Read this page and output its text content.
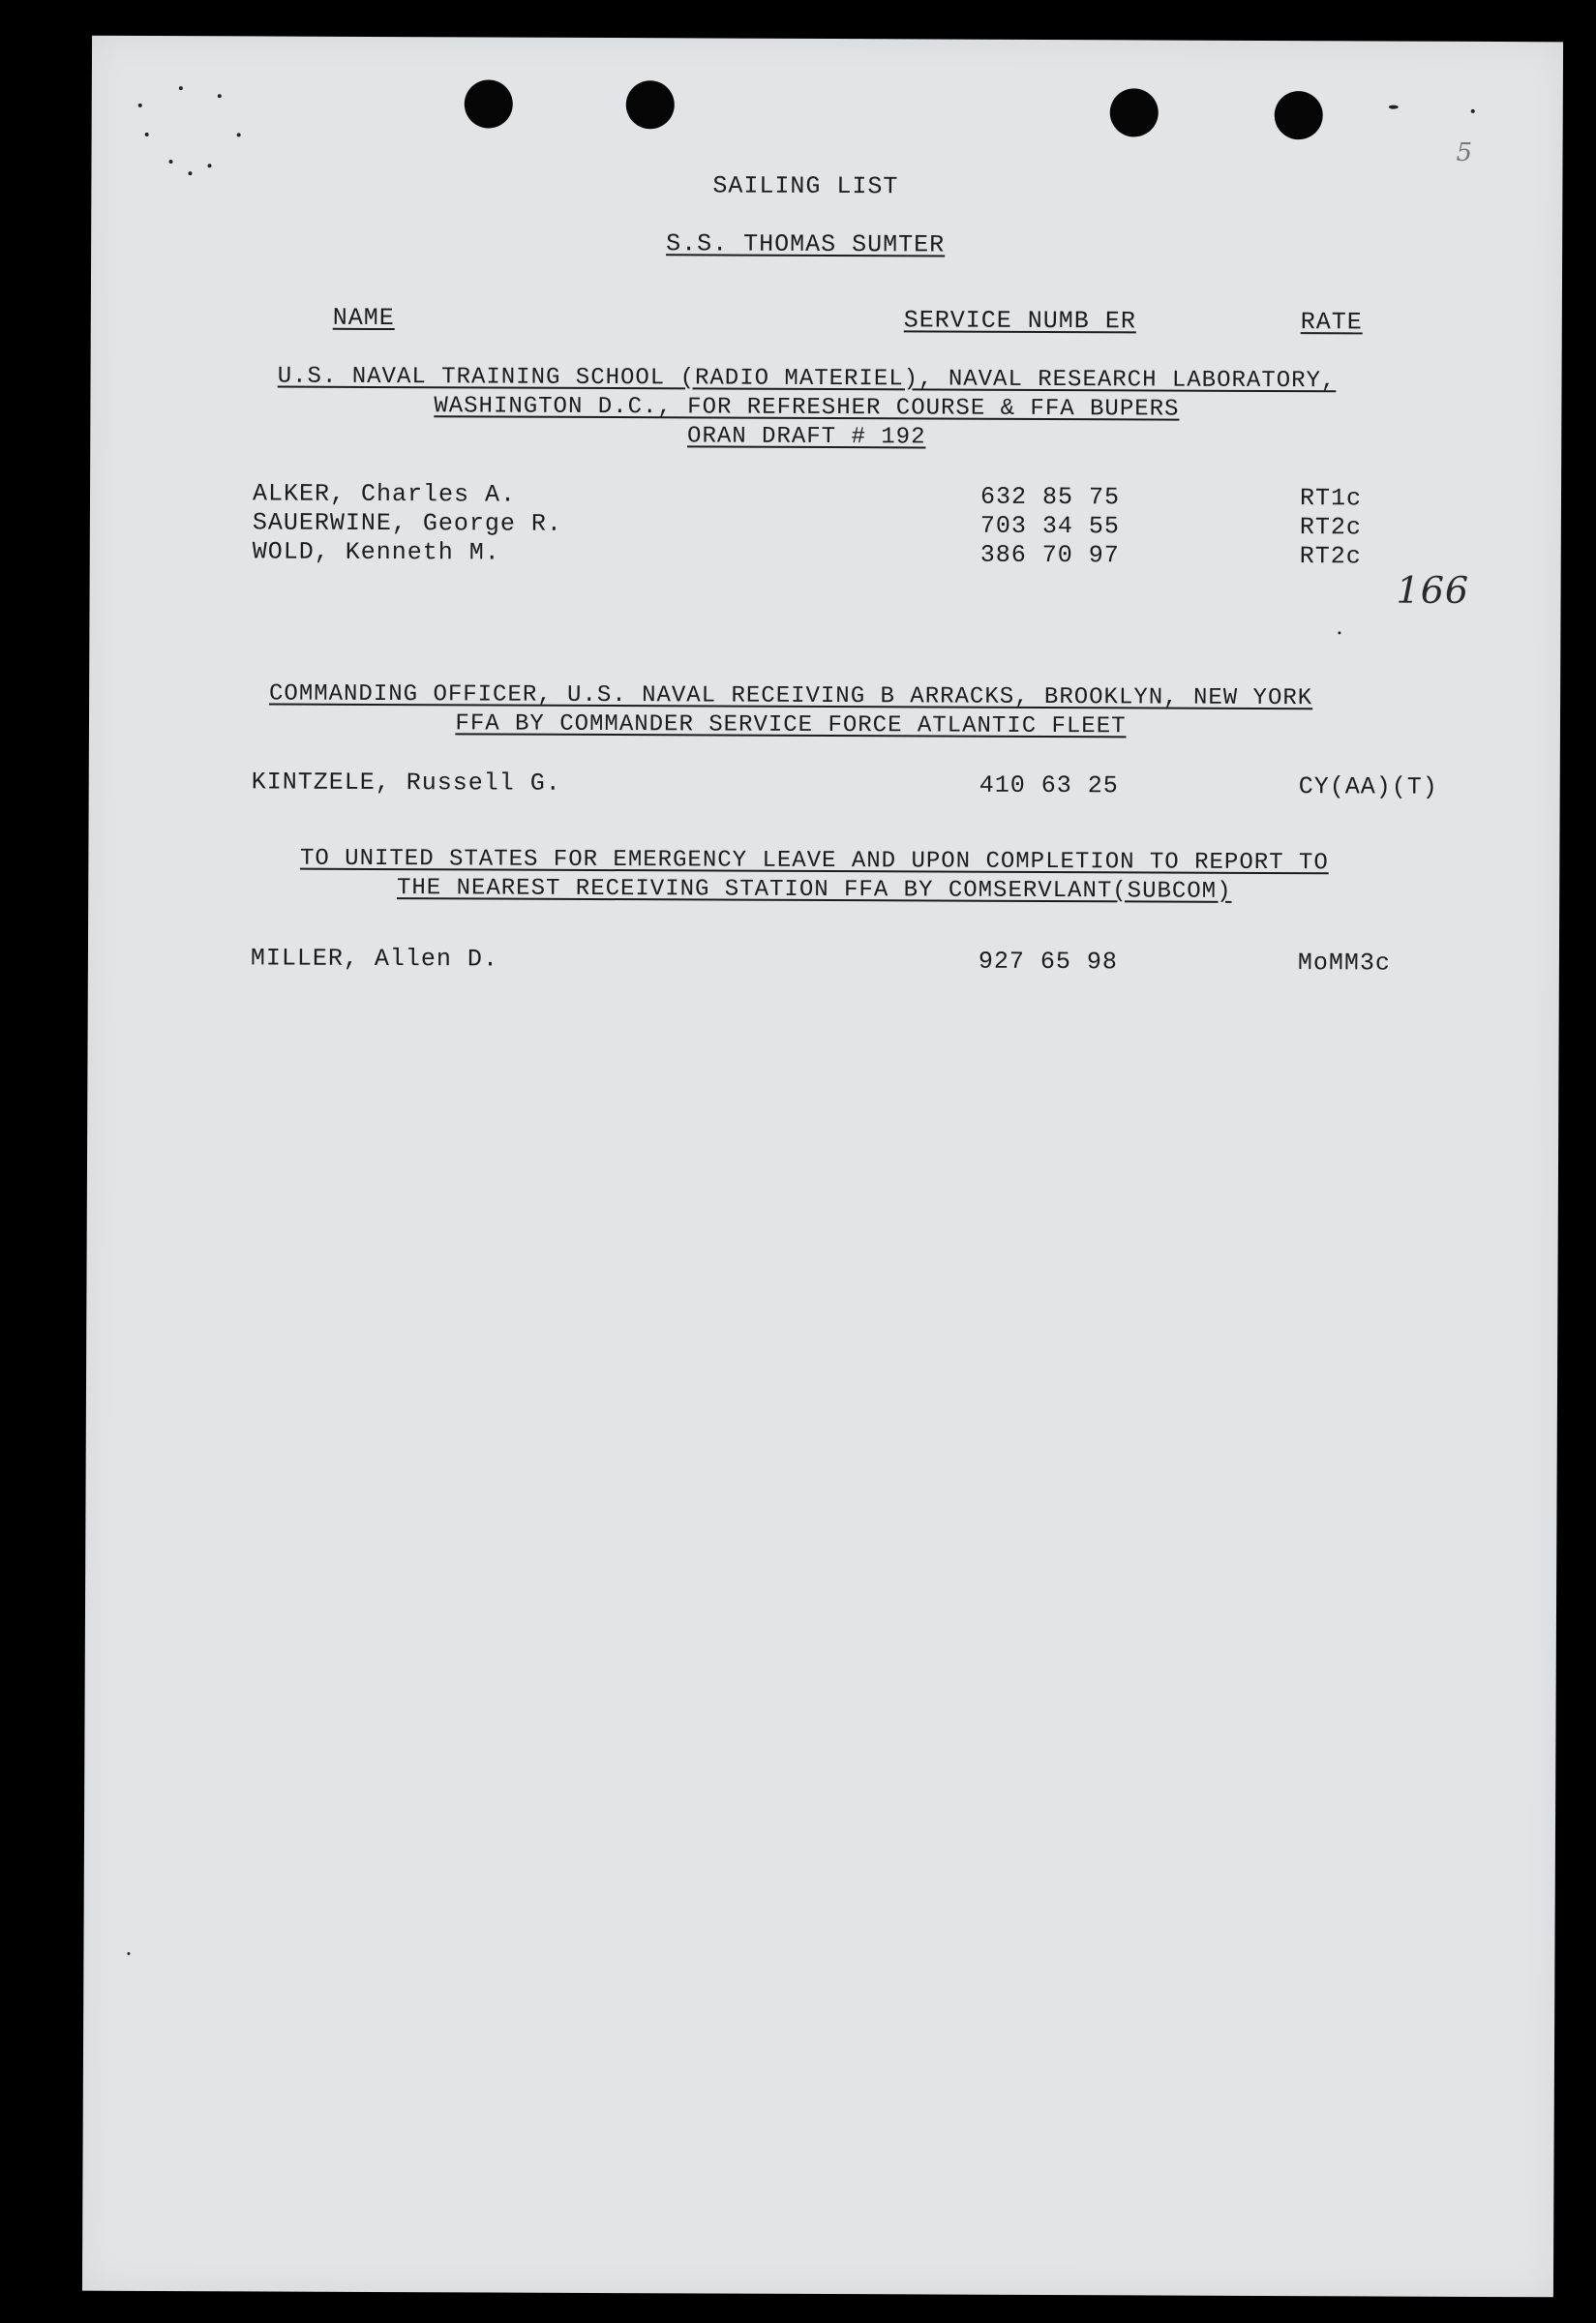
5
SAILING LIST
S.S. THOMAS SUMTER
NAME	SERVICE NUMB ER	RATE
U.S. NAVAL TRAINING SCHOOL (RADIO MATERIEL), NAVAL RESEARCH LABORATORY,
WASHINGTON D.C., FOR REFRESHER COURSE & FFA BUPERS
ORAN DRAFT # 192
ALKER, Charles A.	632 85 75	RT1c
SAUERWINE, George R.	703 34 55	RT2c
WOLD, Kenneth M.	386 70 97	RT2c
166
COMMANDING OFFICER, U.S. NAVAL RECEIVING B ARRACKS, BROOKLYN, NEW YORK
FFA BY COMMANDER SERVICE FORCE ATLANTIC FLEET
KINTZELE, Russell G.	410 63 25	CY(AA)(T)
TO UNITED STATES FOR EMERGENCY LEAVE AND UPON COMPLETION TO REPORT TO
THE NEAREST RECEIVING STATION FFA BY COMSERVLANT(SUBCOM)
MILLER, Allen D.	927 65 98	MoMM3c
